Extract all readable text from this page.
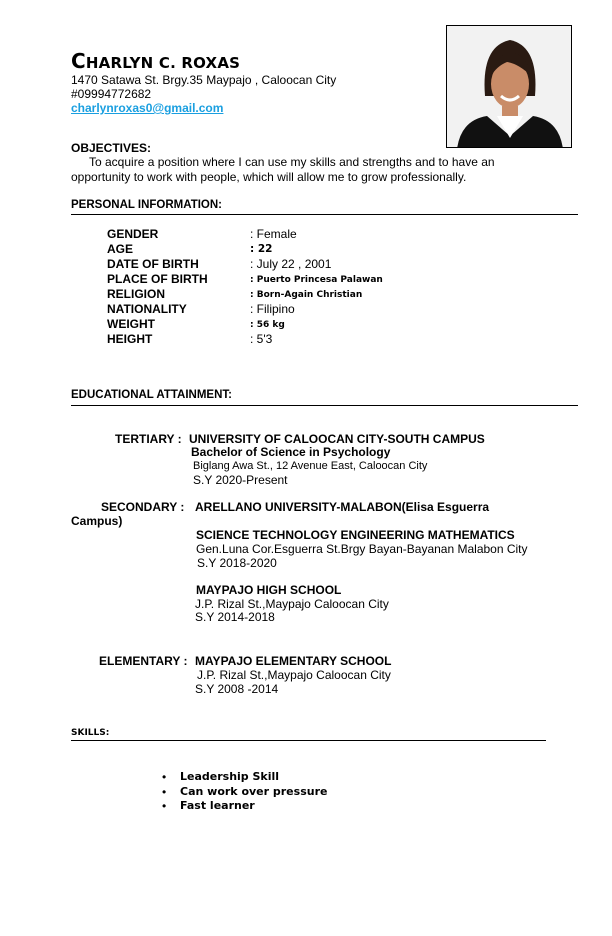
CHARLYN C. ROXAS
1470 Satawa St. Brgy.35 Maypajo , Caloocan City
#09994772682
charlynroxas0@gmail.com
OBJECTIVES:
To acquire a position where I can use my skills and strengths and to have an
opportunity to work with people, which will allow me to grow professionally.
PERSONAL INFORMATION:
GENDER	: Female
AGE	: 22
DATE OF BIRTH	: July 22 , 2001
PLACE OF BIRTH	: Puerto Princesa Palawan
RELIGION	: Born-Again Christian
NATIONALITY	: Filipino
WEIGHT	: 56 kg
HEIGHT	: 5'3
EDUCATIONAL ATTAINMENT:
TERTIARY : UNIVERSITY OF CALOOCAN CITY-SOUTH CAMPUS
Bachelor of Science in Psychology
Biglang Awa St., 12 Avenue East, Caloocan City
S.Y 2020-Present
SECONDARY : ARELLANO UNIVERSITY-MALABON(Elisa Esguerra
Campus)
SCIENCE TECHNOLOGY ENGINEERING MATHEMATICS
Gen.Luna Cor.Esguerra St.Brgy Bayan-Bayanan Malabon City
S.Y 2018-2020
MAYPAJO HIGH SCHOOL
J.P. Rizal St.,Maypajo Caloocan City
S.Y 2014-2018
ELEMENTARY : MAYPAJO ELEMENTARY SCHOOL
J.P. Rizal St.,Maypajo Caloocan City
S.Y 2008 -2014
SKILLS:
• Leadership Skill
• Can work over pressure
• Fast learner
